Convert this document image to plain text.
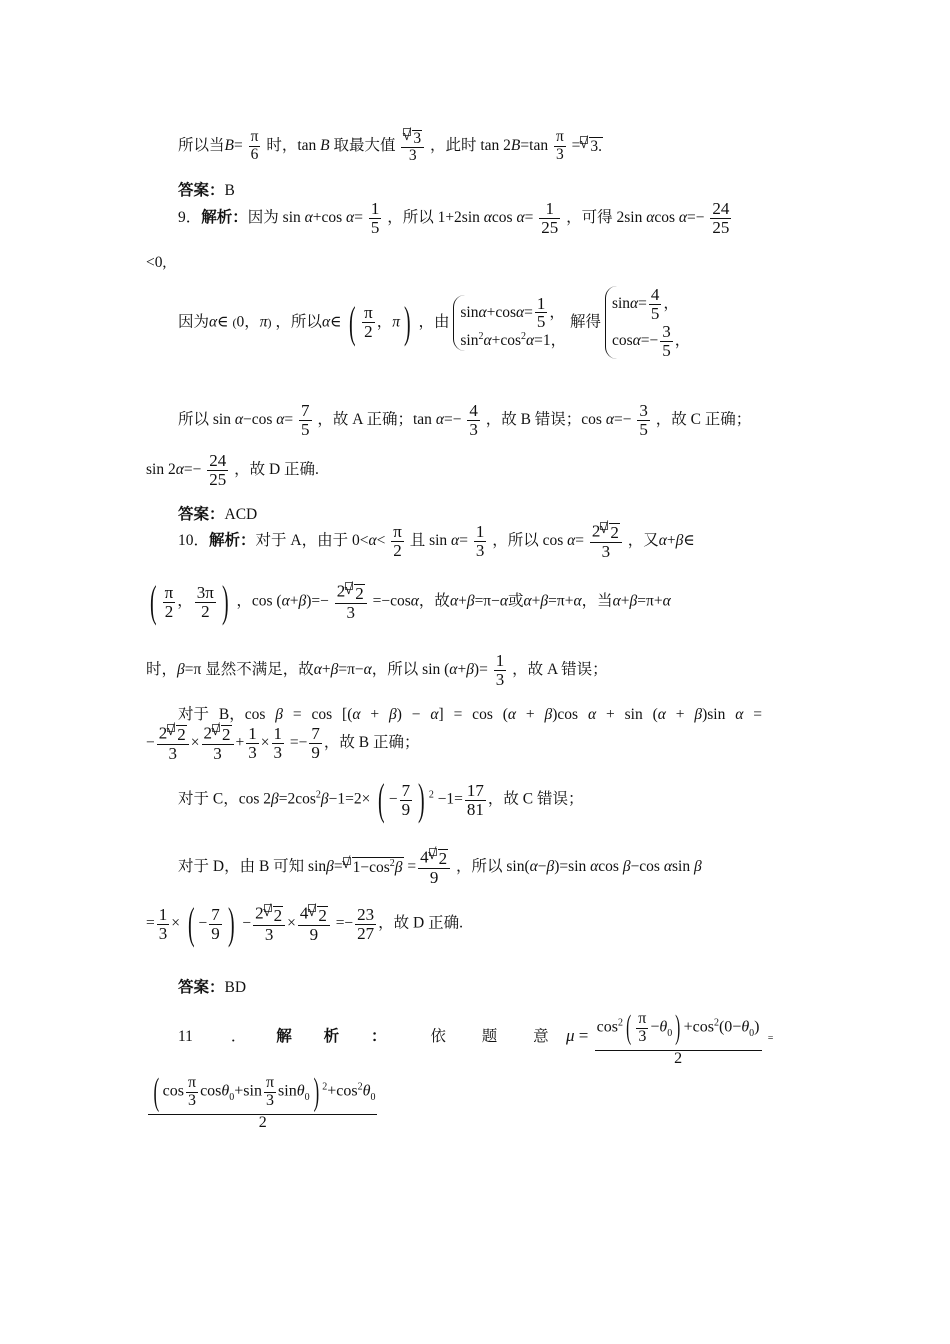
所以当$B= \frac{\pi}{6}$ 时，tan B 取最大值 √ $\frac{3}{3}$ ，此时 $\tan 2B=\tan \frac{\pi}{3}$ = √ 3.
答案：B
9．解析：因为 sin α+cos $\alpha= \frac{1}{5}$ ，所以 1+2sin αcos $\alpha= \frac{1}{25}$ ，可得 2sin αcos $\alpha=- \frac{24}{25}$
<0,
因为α∈ (0，π) ，所以α∈ ( $\frac{\pi}{2}$ ，π) ，由
$\sin\alpha+\cos\alpha= \frac{1}{5}$ ，
$\sin^2\alpha+\cos^2\alpha=1$，
解得
$\sin\alpha= \frac{4}{5}$ ，
$\cos\alpha=- \frac{3}{5}$ ，
所以 sin α−cos $\alpha= \frac{7}{5}$ ，故 A 正确；$\tan \alpha=- \frac{4}{3}$ ，故 B 错误；$\cos \alpha=- \frac{3}{5}$ ，故 C 正确；
$\sin 2\alpha=- \frac{24}{25}$ ，故 D 正确.
答案：ACD
10．解析：对于 A，由于 $0<\alpha< \frac{\pi}{2}$ 且 $\sin \alpha= \frac{1}{3}$ ，所以 $\cos \alpha= \frac{2 √ 2}{3}$ ，又α+β∈
( $\frac{\pi}{2}$ ， $\frac{3\pi}{2}$ ) ，$\cos (\alpha+\beta)=- \frac{2 √ 2}{3} =-\cos\alpha$，故α+β=π−α或α+β=π+α，当α+β=π+α
时，β=π 显然不满足，故α+β=π−α，所以 $\sin (\alpha+\beta)= \frac{1}{3}$ ，故 A 错误；
对于 B，cos β = cos [(α + β) − α] = cos (α + β)cos α + sin (α + β)sin α =
− $\frac{2 √ 2}{3} \times \frac{2 √ 2}{3} + \frac{1}{3} \times \frac{1}{3} =- \frac{7}{9}$ ，故 B 正确；
对于 C，$\cos 2\beta=2\cos^2\beta-1=2\times$ ( − $\frac{7}{9}$ ) $^2 -1= \frac{17}{81}$ ，故 C 错误；
对于 D，由 B 可知 sinβ= √ $1-\cos^2\beta = \frac{4 √ 2}{9}$ ，所以 sin(α−β)=sin αcos β−cos αsin β
= $\frac{1}{3}$ × ( − $\frac{7}{9}$ ) − $\frac{2 √ 2}{3} \times \frac{4 √ 2}{9} =- \frac{23}{27}$ ，故 D 正确.
答案：BD
11 ． 解 析 ：	依 题 意 $\mu = \frac{\cos^2( \frac{\pi}{3} -\theta_0) +\cos^2(0-\theta_0)}{2}$ =
$\frac{( \cos \frac{\pi}{3} \cos\theta_0+\sin \frac{\pi}{3} \sin\theta_0) ^2+\cos^2\theta_0}{2}$
